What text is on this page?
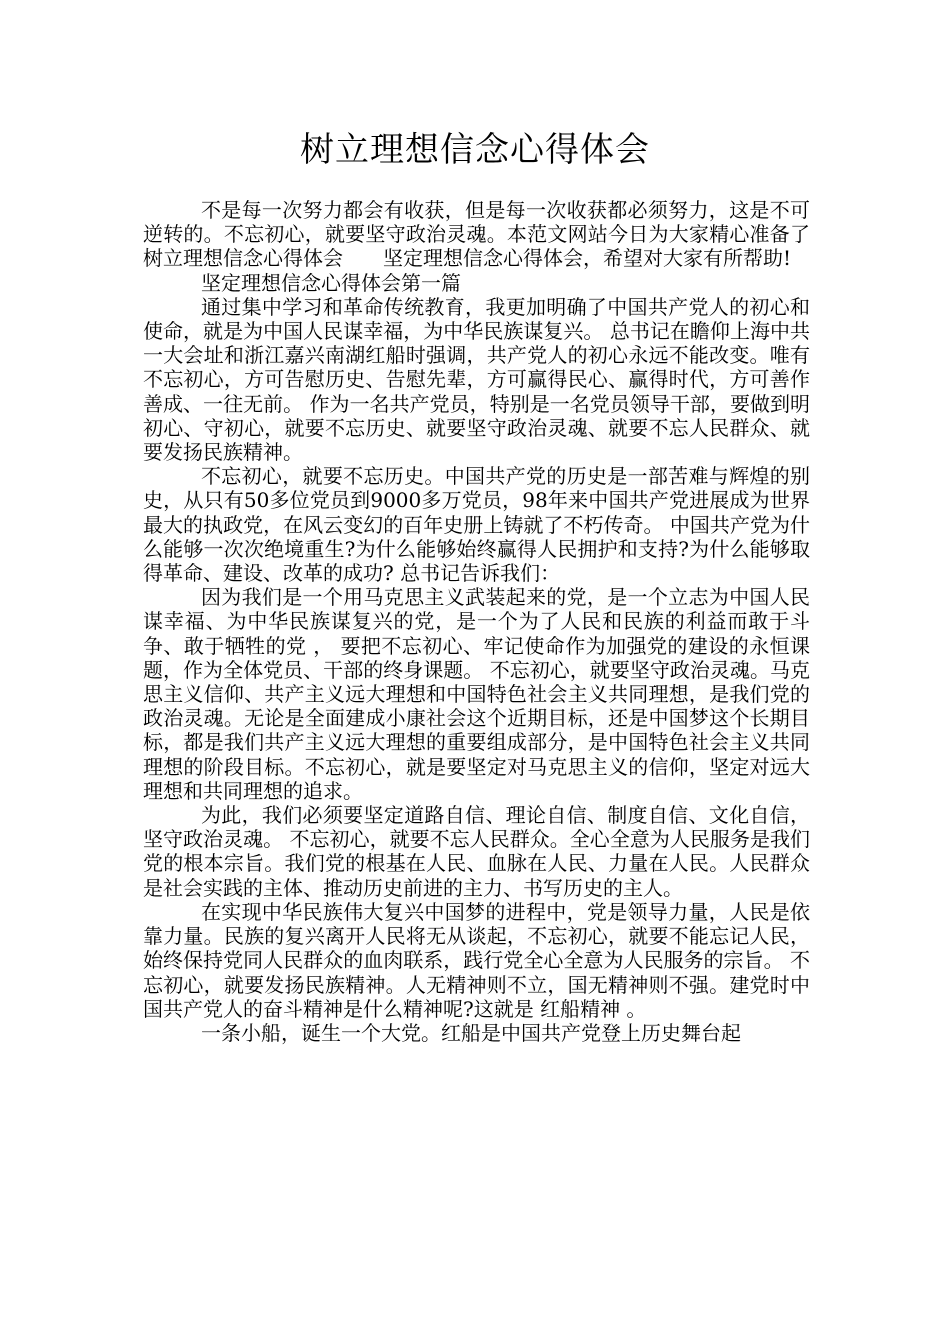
树立理想信念心得体会

不是每一次努力都会有收获，但是每一次收获都必须努力，这是不可逆转的。不忘初心，就要坚守政治灵魂。本范文网站今日为大家精心准备了树立理想信念心得体会　　坚定理想信念心得体会，希望对大家有所帮助!

坚定理想信念心得体会第一篇

通过集中学习和革命传统教育，我更加明确了中国共产党人的初心和使命，就是为中国人民谋幸福，为中华民族谋复兴。 总书记在瞻仰上海中共一大会址和浙江嘉兴南湖红船时强调，共产党人的初心永远不能改变。唯有不忘初心，方可告慰历史、告慰先辈，方可赢得民心、赢得时代，方可善作善成、一往无前。 作为一名共产党员，特别是一名党员领导干部，要做到明初心、守初心，就要不忘历史、就要坚守政治灵魂、就要不忘人民群众、就要发扬民族精神。

不忘初心，就要不忘历史。中国共产党的历史是一部苦难与辉煌的别史，从只有50多位党员到9000多万党员，98年来中国共产党进展成为世界最大的执政党，在风云变幻的百年史册上铸就了不朽传奇。 中国共产党为什么能够一次次绝境重生?为什么能够始终赢得人民拥护和支持?为什么能够取得革命、建设、改革的成功? 总书记告诉我们：

因为我们是一个用马克思主义武装起来的党，是一个立志为中国人民谋幸福、为中华民族谋复兴的党，是一个为了人民和民族的利益而敢于斗争、敢于牺牲的党 ， 要把不忘初心、牢记使命作为加强党的建设的永恒课题，作为全体党员、干部的终身课题。 不忘初心，就要坚守政治灵魂。马克思主义信仰、共产主义远大理想和中国特色社会主义共同理想，是我们党的政治灵魂。无论是全面建成小康社会这个近期目标，还是中国梦这个长期目标，都是我们共产主义远大理想的重要组成部分，是中国特色社会主义共同理想的阶段目标。不忘初心，就是要坚定对马克思主义的信仰，坚定对远大理想和共同理想的追求。

为此，我们必须要坚定道路自信、理论自信、制度自信、文化自信，坚守政治灵魂。 不忘初心，就要不忘人民群众。全心全意为人民服务是我们党的根本宗旨。我们党的根基在人民、血脉在人民、力量在人民。人民群众是社会实践的主体、推动历史前进的主力、书写历史的主人。

在实现中华民族伟大复兴中国梦的进程中，党是领导力量，人民是依靠力量。民族的复兴离开人民将无从谈起，不忘初心，就要不能忘记人民，始终保持党同人民群众的血肉联系，践行党全心全意为人民服务的宗旨。 不忘初心，就要发扬民族精神。人无精神则不立，国无精神则不强。建党时中国共产党人的奋斗精神是什么精神呢?这就是 红船精神 。

一条小船，诞生一个大党。红船是中国共产党登上历史舞台起
